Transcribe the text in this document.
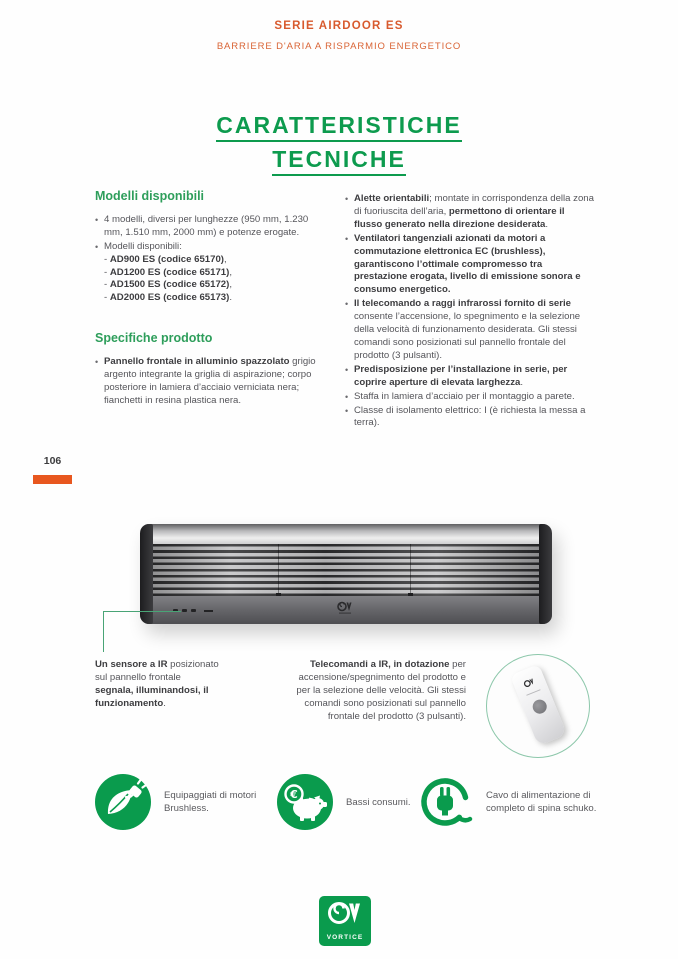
SERIE AIRDOOR ES
BARRIERE D'ARIA A RISPARMIO ENERGETICO
CARATTERISTICHE
TECNICHE
Modelli disponibili
• 4 modelli, diversi per lunghezze (950 mm, 1.230 mm, 1.510 mm, 2000 mm) e potenze erogate.
• Modelli disponibili:
- AD900 ES (codice 65170),
- AD1200 ES (codice 65171),
- AD1500 ES (codice 65172),
- AD2000 ES (codice 65173).
Specifiche prodotto
• Pannello frontale in alluminio spazzolato grigio argento integrante la griglia di aspirazione; corpo posteriore in lamiera d’acciaio verniciata nera; fianchetti in resina plastica nera.
• Alette orientabili; montate in corrispondenza della zona di fuoriuscita dell’aria, permettono di orientare il flusso generato nella direzione desiderata.
• Ventilatori tangenziali azionati da motori a commutazione elettronica EC (brushless), garantiscono l’ottimale compromesso tra prestazione erogata, livello di emissione sonora e consumo energetico.
• Il telecomando a raggi infrarossi fornito di serie consente l’accensione, lo spegnimento e la selezione della velocità di funzionamento desiderata. Gli stessi comandi sono posizionati sul pannello frontale del prodotto (3 pulsanti).
• Predisposizione per l’installazione in serie, per coprire aperture di elevata larghezza.
• Staffa in lamiera d’acciaio per il montaggio a parete.
• Classe di isolamento elettrico: I (è richiesta la messa a terra).
106
Un sensore a IR posizionato sul pannello frontale segnala, illuminandosi, il funzionamento.
Telecomandi a IR, in dotazione per accensione/spegnimento del prodotto e per la selezione delle velocità. Gli stessi comandi sono posizionati sul pannello frontale del prodotto (3 pulsanti).
Equipaggiati di motori Brushless.
€
Bassi consumi.
Cavo di alimentazione di completo di spina schuko.
VORTICE
